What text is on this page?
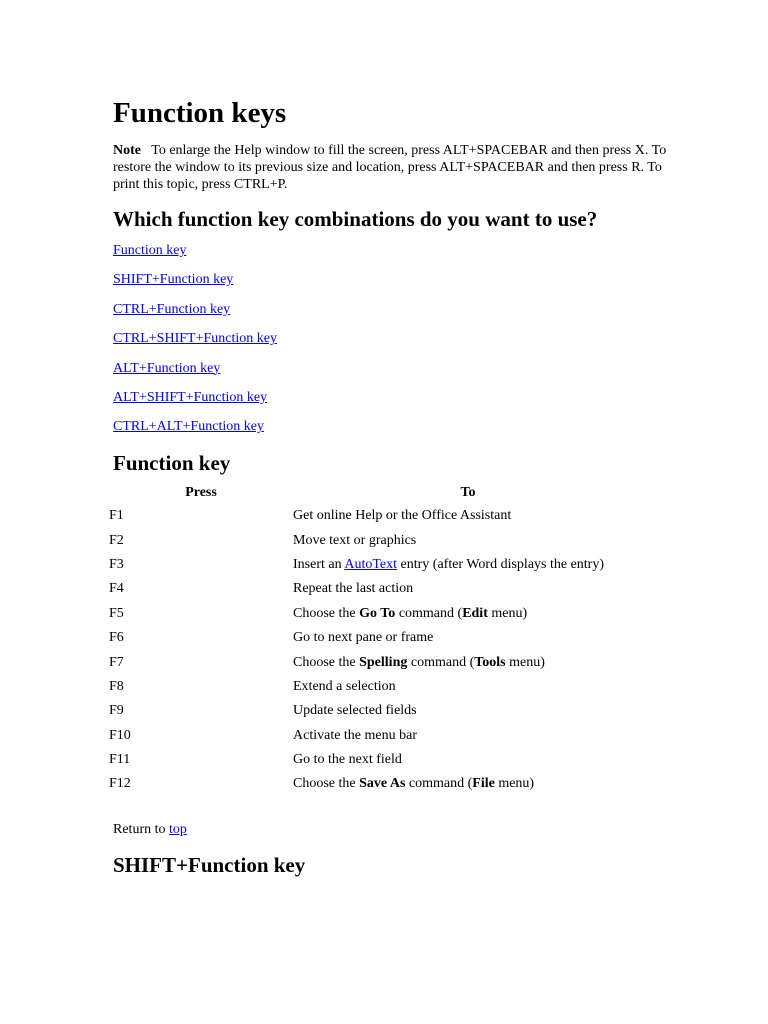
Function keys

Note To enlarge the Help window to fill the screen, press ALT+SPACEBAR and then press X. To restore the window to its previous size and location, press ALT+SPACEBAR and then press R. To print this topic, press CTRL+P.

Which function key combinations do you want to use?
Function key
SHIFT+Function key
CTRL+Function key
CTRL+SHIFT+Function key
ALT+Function key
ALT+SHIFT+Function key
CTRL+ALT+Function key
Function key
Press	To
F1	Get online Help or the Office Assistant
F2	Move text or graphics
F3	Insert an AutoText entry (after Word displays the entry)
F4	Repeat the last action
F5	Choose the Go To command (Edit menu)
F6	Go to next pane or frame
F7	Choose the Spelling command (Tools menu)
F8	Extend a selection
F9	Update selected fields
F10	Activate the menu bar
F11	Go to the next field
F12	Choose the Save As command (File menu)

Return to top

SHIFT+Function key
